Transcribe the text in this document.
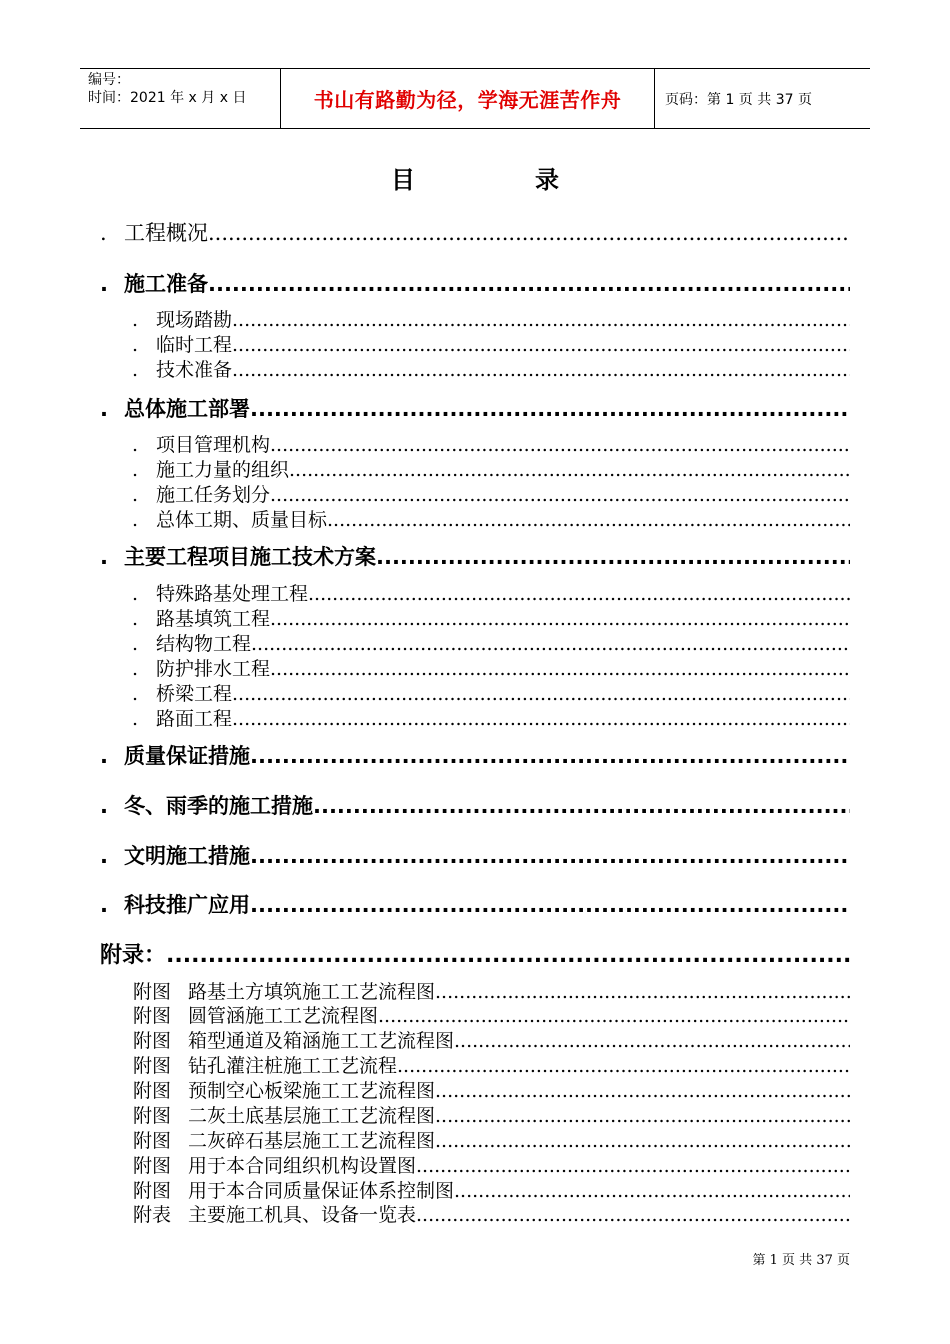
编号：
时间：2021 年 x 月 x 日	书山有路勤为径，学海无涯苦作舟	页码：第 1 页 共 37 页
目	录
. 工程概况
.....
. 施工准备
.....
. 现场踏勘
.....
. 临时工程
.....
. 技术准备
.....
. 总体施工部署
.....
. 项目管理机构
.....
. 施工力量的组织
.....
. 施工任务划分
.....
. 总体工期、质量目标
.....
. 主要工程项目施工技术方案
.....
. 特殊路基处理工程
.....
. 路基填筑工程
.....
. 结构物工程
.....
. 防护排水工程
.....
. 桥梁工程
.....
. 路面工程
.....
. 质量保证措施
.....
. 冬、雨季的施工措施
.....
. 文明施工措施
.....
. 科技推广应用
.....
附录：
.....
附图 路基土方填筑施工工艺流程图
.....
附图 圆管涵施工工艺流程图
.....
附图 箱型通道及箱涵施工工艺流程图
.....
附图 钻孔灌注桩施工工艺流程
.....
附图 预制空心板梁施工工艺流程图
.....
附图 二灰土底基层施工工艺流程图
.....
附图 二灰碎石基层施工工艺流程图
.....
附图 用于本合同组织机构设置图
.....
附图 用于本合同质量保证体系控制图
.....
附表 主要施工机具、设备一览表
.....
第 1 页 共 37 页
